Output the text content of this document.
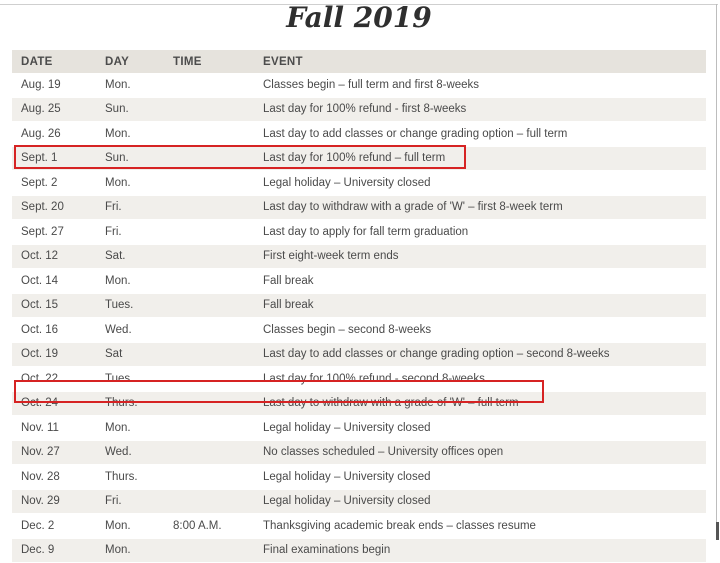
Fall 2019
DATE	DAY	TIME	EVENT
Aug. 19	Mon.		Classes begin – full term and first 8-weeks
Aug. 25	Sun.		Last day for 100% refund - first 8-weeks
Aug. 26	Mon.		Last day to add classes or change grading option – full term
Sept. 1	Sun.		Last day for 100% refund – full term
Sept. 2	Mon.		Legal holiday – University closed
Sept. 20	Fri.		Last day to withdraw with a grade of 'W' – first 8-week term
Sept. 27	Fri.		Last day to apply for fall term graduation
Oct. 12	Sat.		First eight-week term ends
Oct. 14	Mon.		Fall break
Oct. 15	Tues.		Fall break
Oct. 16	Wed.		Classes begin – second 8-weeks
Oct. 19	Sat		Last day to add classes or change grading option – second 8-weeks
Oct. 22	Tues.		Last day for 100% refund - second 8-weeks
Oct. 24	Thurs.		Last day to withdraw with a grade of 'W' – full term
Nov. 11	Mon.		Legal holiday – University closed
Nov. 27	Wed.		No classes scheduled – University offices open
Nov. 28	Thurs.		Legal holiday – University closed
Nov. 29	Fri.		Legal holiday – University closed
Dec. 2	Mon.	8:00 A.M.	Thanksgiving academic break ends – classes resume
Dec. 9	Mon.		Final examinations begin
